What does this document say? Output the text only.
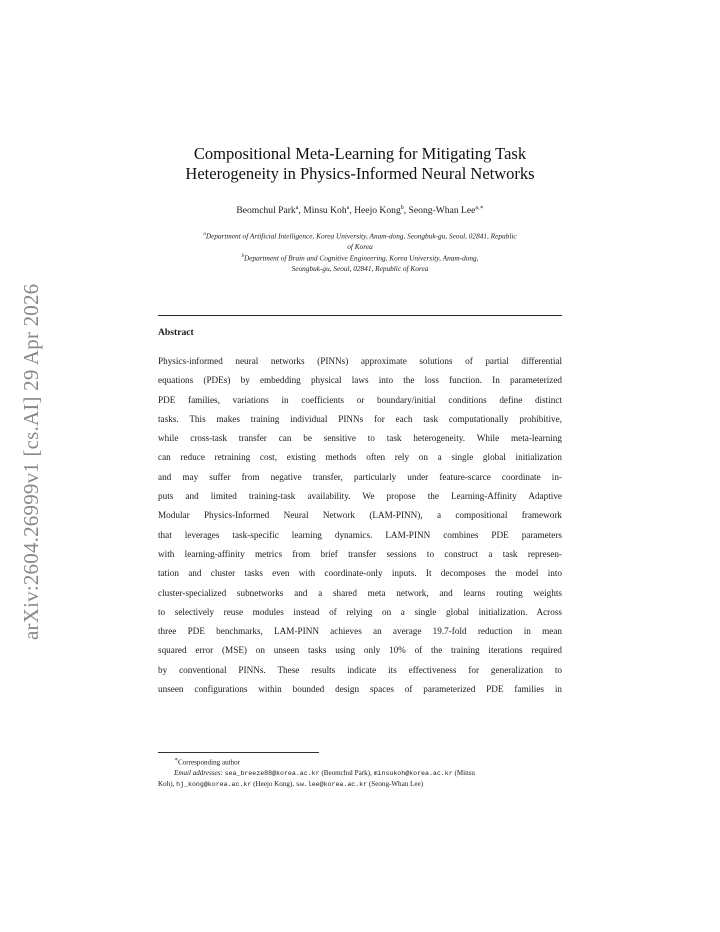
arXiv:2604.26999v1 [cs.AI] 29 Apr 2026
Compositional Meta-Learning for Mitigating Task
Heterogeneity in Physics-Informed Neural Networks
Beomchul Park$^a$, Minsu Koh$^a$, Heejo Kong$^b$, Seong-Whan Lee$^{a,∗}$
$^a$Department of Artificial Intelligence, Korea University, Anam-dong, Seongbuk-gu, Seoul, 02841, Republic
of Korea
$^b$Department of Brain and Cognitive Engineering, Korea University, Anam-dong,
Seongbuk-gu, Seoul, 02841, Republic of Korea
Abstract
Physics-informed neural networks (PINNs) approximate solutions of partial differential
equations (PDEs) by embedding physical laws into the loss function. In parameterized
PDE families, variations in coefficients or boundary/initial conditions define distinct
tasks. This makes training individual PINNs for each task computationally prohibitive,
while cross-task transfer can be sensitive to task heterogeneity. While meta-learning
can reduce retraining cost, existing methods often rely on a single global initialization
and may suffer from negative transfer, particularly under feature-scarce coordinate in-
puts and limited training-task availability. We propose the Learning-Affinity Adaptive
Modular Physics-Informed Neural Network (LAM-PINN), a compositional framework
that leverages task-specific learning dynamics. LAM-PINN combines PDE parameters
with learning-affinity metrics from brief transfer sessions to construct a task represen-
tation and cluster tasks even with coordinate-only inputs. It decomposes the model into
cluster-specialized subnetworks and a shared meta network, and learns routing weights
to selectively reuse modules instead of relying on a single global initialization. Across
three PDE benchmarks, LAM-PINN achieves an average 19.7-fold reduction in mean
squared error (MSE) on unseen tasks using only 10% of the training iterations required
by conventional PINNs. These results indicate its effectiveness for generalization to
unseen configurations within bounded design spaces of parameterized PDE families in
∗Corresponding author
Email addresses: sea_breeze88@korea.ac.kr (Beomchul Park), minsukoh@korea.ac.kr (Minsu
Koh), hj_kong@korea.ac.kr (Heejo Kong), sw.lee@korea.ac.kr (Seong-Whan Lee)
